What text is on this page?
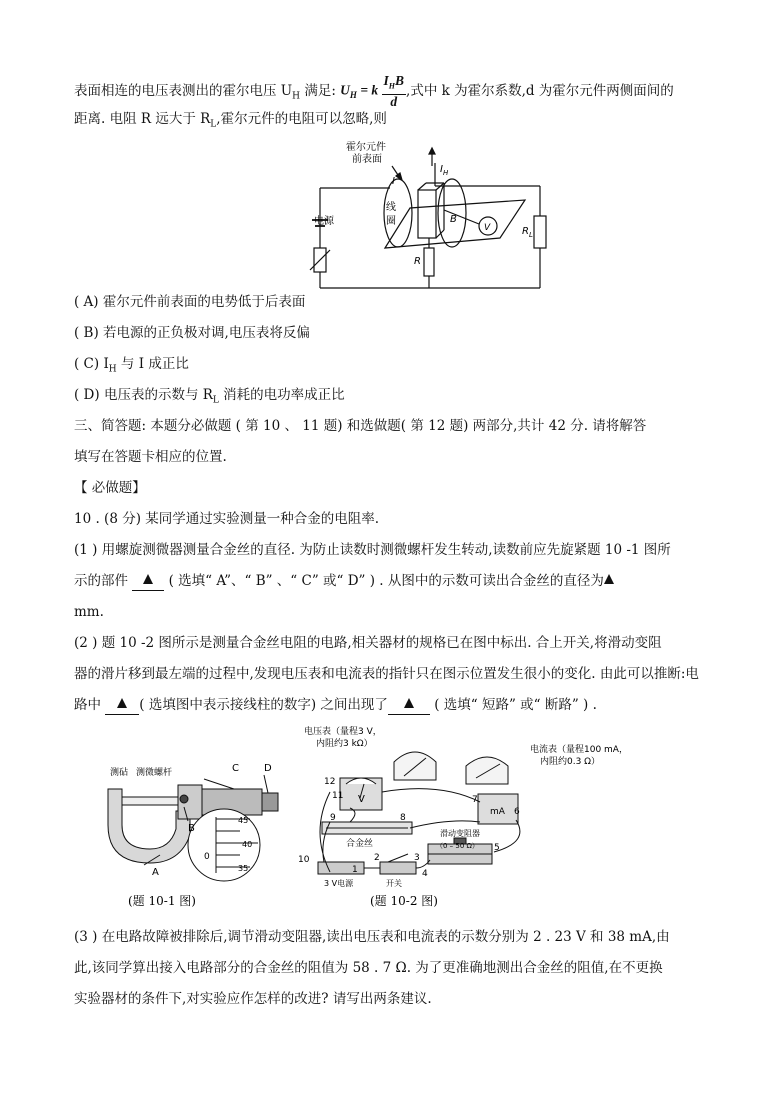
表面相连的电压表测出的霍尔电压 $U_H$ 满足: $U_H = k \frac{I_HB}{d}$ ,式中 k 为霍尔系数,d 为霍尔元件两侧面间的
距离. 电阻 R 远大于 $R_L$,霍尔元件的电阻可以忽略,则
霍尔元件
前表面
I
$I_H$
线
圈	B
V
电源
R
$R_L$
( A) 霍尔元件前表面的电势低于后表面
( B) 若电源的正负极对调,电压表将反偏
( C) $I_H$ 与 I 成正比
( D) 电压表的示数与 $R_L$ 消耗的电功率成正比
三、简答题: 本题分必做题 ( 第 10 、 11 题) 和选做题( 第 12 题) 两部分,共计 42 分. 请将解答
填写在答题卡相应的位置.
【 必做题】
10 . (8 分) 某同学通过实验测量一种合金的电阻率.
(1 ) 用螺旋测微器测量合金丝的直径. 为防止读数时测微螺杆发生转动,读数前应先旋紧题 10 -1 图所
示的部件  ( 选填“ A”、“ B” 、“ C” 或“ D” ) . 从图中的示数可读出合金丝的直径为
mm.
(2 ) 题 10 -2 图所示是测量合金丝电阻的电路,相关器材的规格已在图中标出. 合上开关,将滑动变阻
器的滑片移到最左端的过程中,发现电压表和电流表的指针只在图示位置发生很小的变化. 由此可以推断:电
路中	( 选填图中表示接线柱的数字) 之间出现了	( 选填“ 短路” 或“ 断路” ) .
测砧 测微螺杆	C	D
B
A
45
40
35
0
(题 10-1 图)
电压表（量程3 V，
内阻约3 kΩ）
电流表（量程100 mA，
内阻约0.3 Ω）
V
mA
合金丝
滑动变阻器
（0 – 50 Ω）
3 V电源	开关
1
2	3
4
5
6
7
8
9
10
11
12
(题 10-2 图)
(3 ) 在电路故障被排除后,调节滑动变阻器,读出电压表和电流表的示数分别为 2 . 23 V 和 38 mA,由
此,该同学算出接入电路部分的合金丝的阻值为 58 . 7 Ω. 为了更准确地测出合金丝的阻值,在不更换
实验器材的条件下,对实验应作怎样的改进? 请写出两条建议.
